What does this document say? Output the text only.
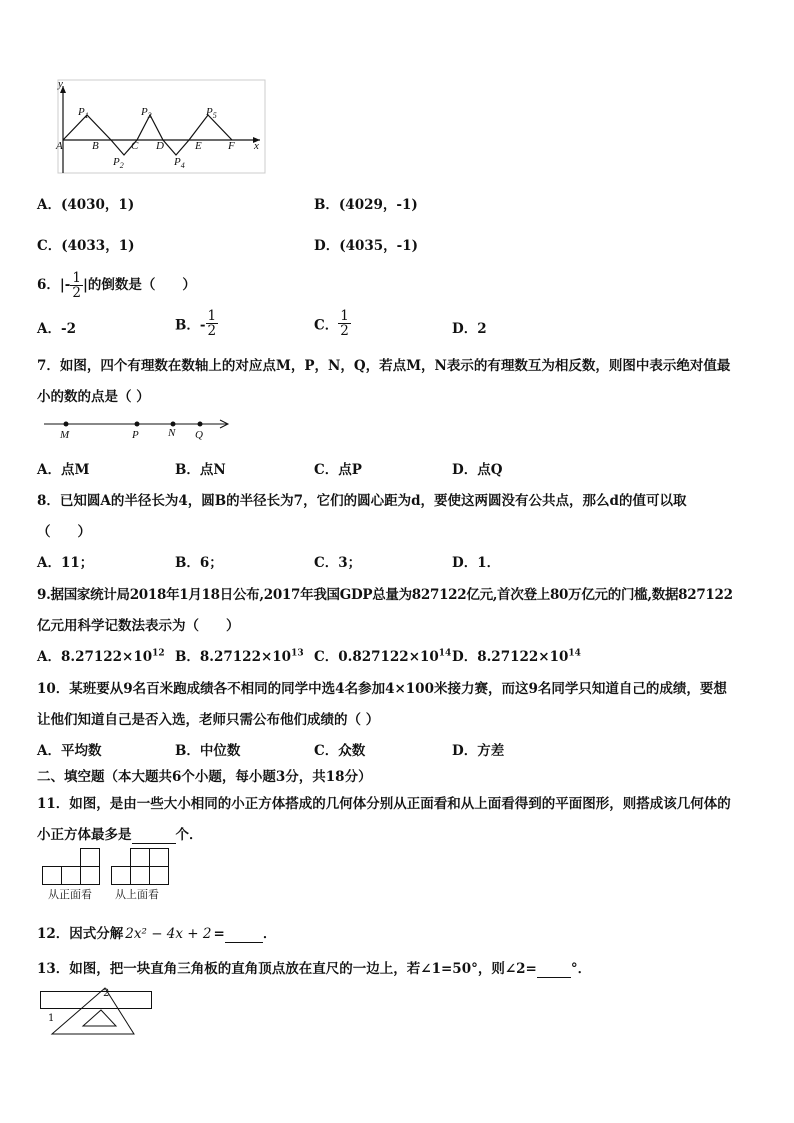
y
x
A	B	C D	E F
$P_1$
$P_2$
$P_3$
$P_4$
$P_5$
A．(4030，1)	B．(4029，-1)
C．(4033，1)	D．(4035，-1)
6．|- $\frac{1}{2}$ |的倒数是（　　）
A．-2	B．- $\frac{1}{2}$	C． $\frac{1}{2}$	D．2
7．如图，四个有理数在数轴上的对应点M，P，N，Q，若点M，N表示的有理数互为相反数，则图中表示绝对值最
小的数的点是（ ）
M	P	N Q
A．点M	B．点N	C．点P	D．点Q
8．已知圆A的半径长为4，圆B的半径长为7，它们的圆心距为d，要使这两圆没有公共点，那么d的值可以取
（　　）
A．11；	B．6；	C．3；	D．1．
9.据国家统计局2018年1月18日公布,2017年我国GDP总量为827122亿元,首次登上80万亿元的门槛,数据827122
亿元用科学记数法表示为（　　）
A．$8.27122\times 10^{12}$ B．$8.27122\times 10^{13}$ C．$0.827122\times 10^{14}$ D．$8.27122\times 10^{14}$
10．某班要从9名百米跑成绩各不相同的同学中选4名参加4×100米接力赛，而这9名同学只知道自己的成绩，要想
让他们知道自己是否入选，老师只需公布他们成绩的（ ）
A．平均数	B．中位数	C．众数	D．方差
二、填空题（本大题共6个小题，每小题3分，共18分）
11．如图，是由一些大小相同的小正方体搭成的几何体分别从正面看和从上面看得到的平面图形，则搭成该几何体的
小正方体最多是	个．
从正面看 从上面看
12．因式分解 2x² − 4x + 2 =	．
13．如图，把一块直角三角板的直角顶点放在直尺的一边上，若∠1=50°，则∠2=	°．
1
2
